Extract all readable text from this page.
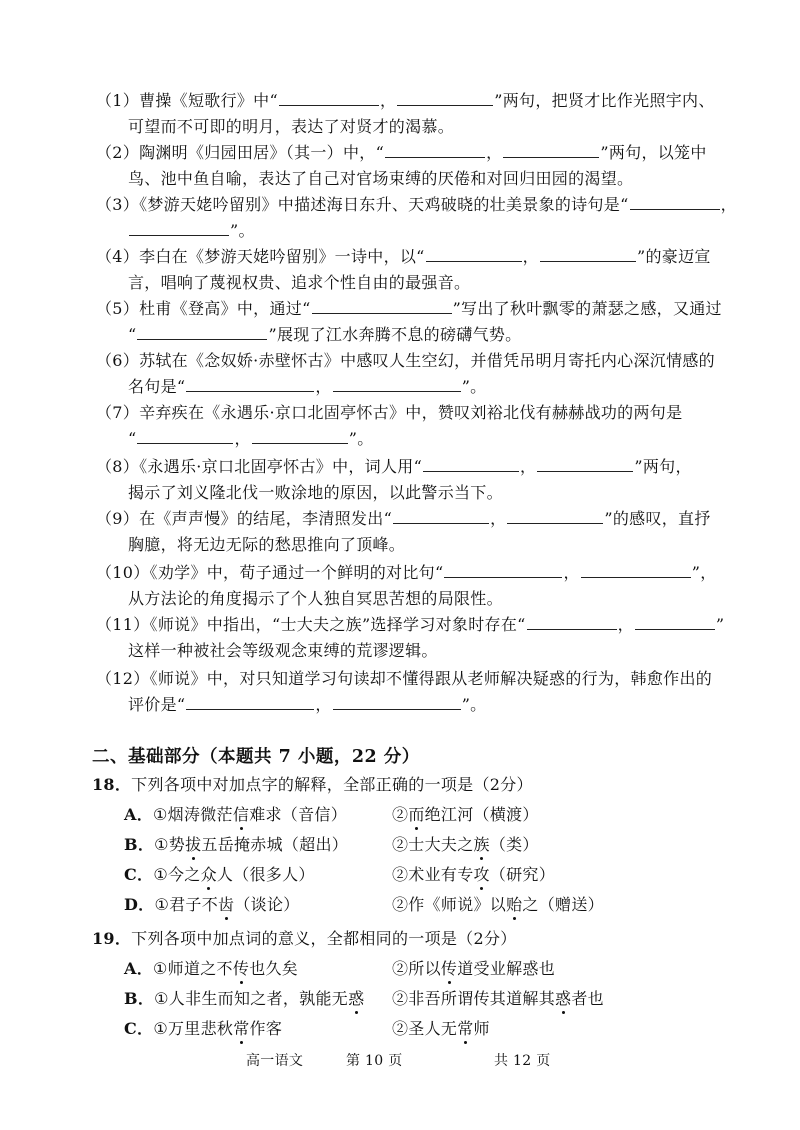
（1）曹操《短歌行》中“	，	”两句，把贤才比作光照宇内、
可望而不可即的明月，表达了对贤才的渴慕。
（2）陶渊明《归园田居》（其一）中，“	，	”两句，以笼中
鸟、池中鱼自喻，表达了自己对官场束缚的厌倦和对回归田园的渴望。
（3）《梦游天姥吟留别》中描述海日东升、天鸡破晓的壮美景象的诗句是“	，
”。
（4）李白在《梦游天姥吟留别》一诗中，以“	，	”的豪迈宣
言，唱响了蔑视权贵、追求个性自由的最强音。
（5）杜甫《登高》中，通过“	”写出了秋叶飘零的萧瑟之感，又通过
“	”展现了江水奔腾不息的磅礴气势。
（6）苏轼在《念奴娇·赤壁怀古》中感叹人生空幻，并借凭吊明月寄托内心深沉情感的
名句是“	，	”。
（7）辛弃疾在《永遇乐·京口北固亭怀古》中，赞叹刘裕北伐有赫赫战功的两句是
“	，	”。
（8）《永遇乐·京口北固亭怀古》中，词人用“	，	”两句，
揭示了刘义隆北伐一败涂地的原因，以此警示当下。
（9）在《声声慢》的结尾，李清照发出“	，	”的感叹，直抒
胸臆，将无边无际的愁思推向了顶峰。
（10）《劝学》中，荀子通过一个鲜明的对比句“	，	”，
从方法论的角度揭示了个人独自冥思苦想的局限性。
（11）《师说》中指出，“士大夫之族”选择学习对象时存在“	，	”
这样一种被社会等级观念束缚的荒谬逻辑。
（12）《师说》中，对只知道学习句读却不懂得跟从老师解决疑惑的行为，韩愈作出的
评价是“	，	”。
二、基础部分（本题共 7 小题，22 分）
18．下列各项中对加点字的解释，全部正确的一项是（2分）
A．①烟涛微茫信难求（音信）	②而绝江河（横渡）
B．①势拔五岳掩赤城（超出）	②士大夫之族（类）
C．①今之众人（很多人）	②术业有专攻（研究）
D．①君子不齿（谈论）	②作《师说》以贻之（赠送）
19．下列各项中加点词的意义，全都相同的一项是（2分）
A．①师道之不传也久矣	②所以传道受业解惑也
B．①人非生而知之者，孰能无惑 ②非吾所谓传其道解其惑者也
C．①万里悲秋常作客	②圣人无常师
高一语文	第 10 页	共 12 页
